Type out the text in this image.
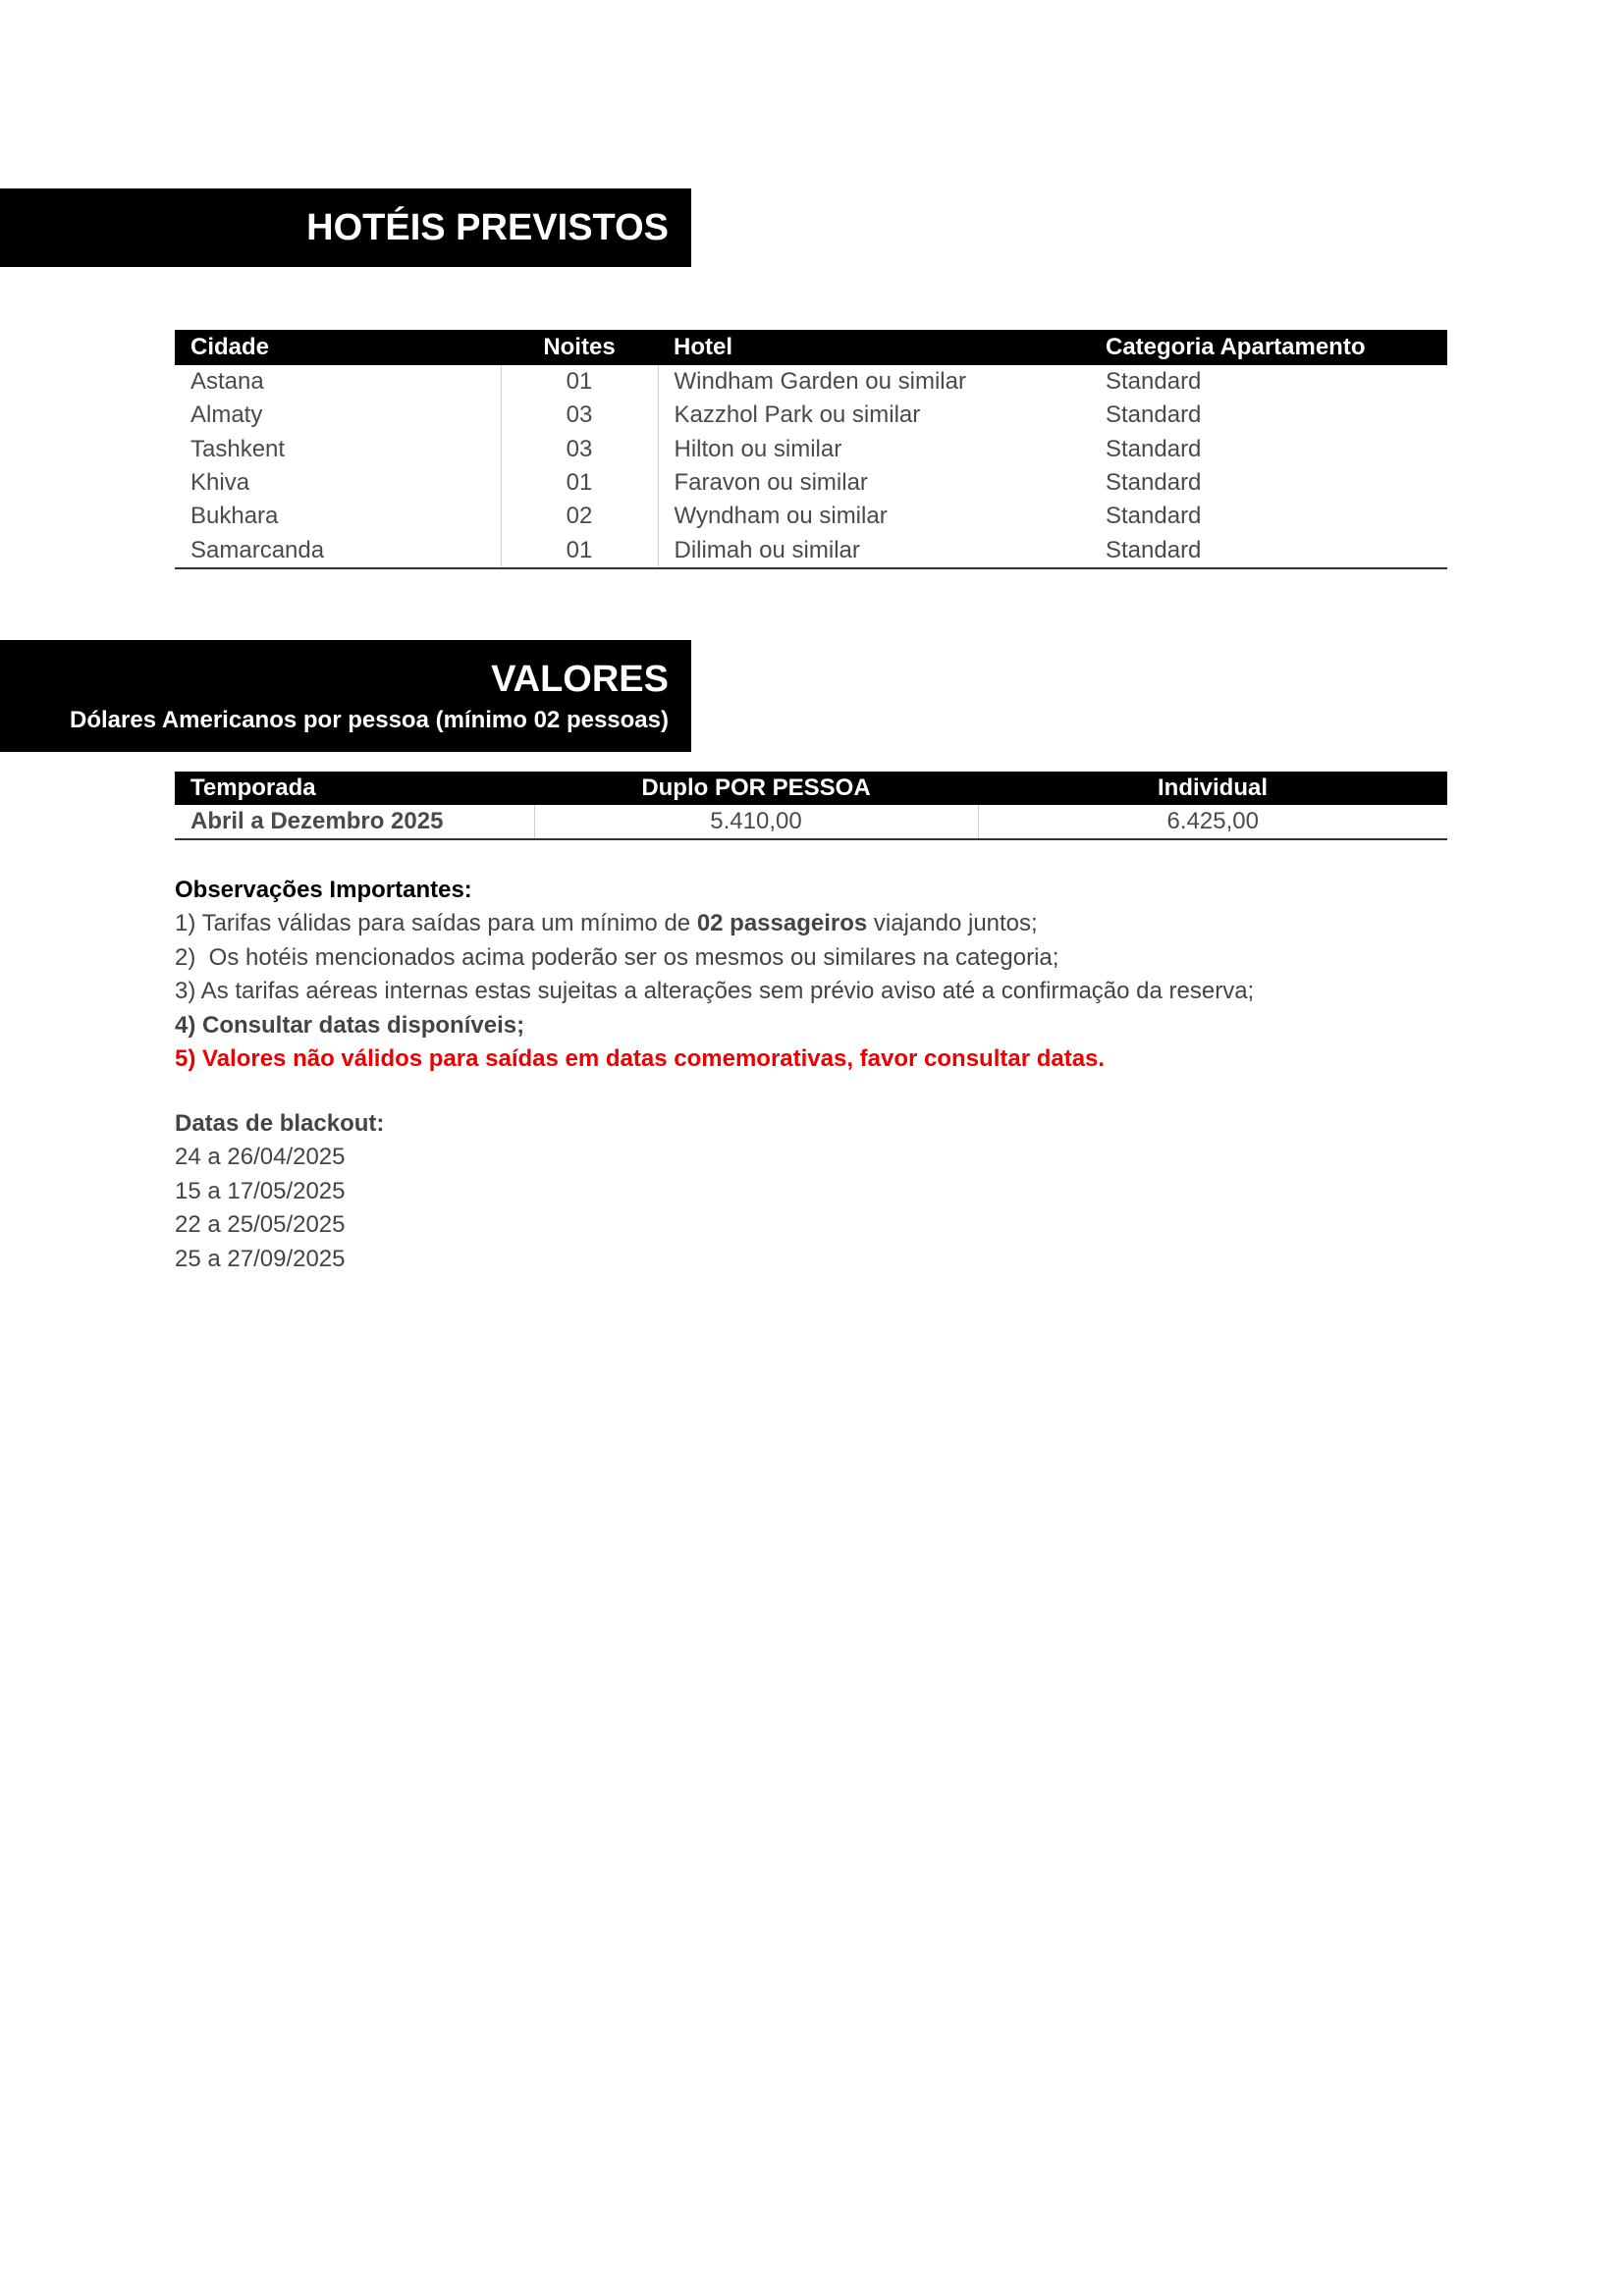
HOTÉIS PREVISTOS
Cidade	Noites	Hotel	Categoria Apartamento
Astana	01	Windham Garden ou similar	Standard
Almaty	03	Kazzhol Park ou similar	Standard
Tashkent	03	Hilton ou similar	Standard
Khiva	01	Faravon ou similar	Standard
Bukhara	02	Wyndham ou similar	Standard
Samarcanda	01	Dilimah ou similar	Standard
VALORES
Dólares Americanos por pessoa (mínimo 02 pessoas)
Temporada	Duplo POR PESSOA	Individual
Abril a Dezembro 2025	5.410,00	6.425,00
Observações Importantes:
1) Tarifas válidas para saídas para um mínimo de 02 passageiros viajando juntos;
2)  Os hotéis mencionados acima poderão ser os mesmos ou similares na categoria;
3) As tarifas aéreas internas estas sujeitas a alterações sem prévio aviso até a confirmação da reserva;
4) Consultar datas disponíveis;
5) Valores não válidos para saídas em datas comemorativas, favor consultar datas.
Datas de blackout:
24 a 26/04/2025
15 a 17/05/2025
22 a 25/05/2025
25 a 27/09/2025
